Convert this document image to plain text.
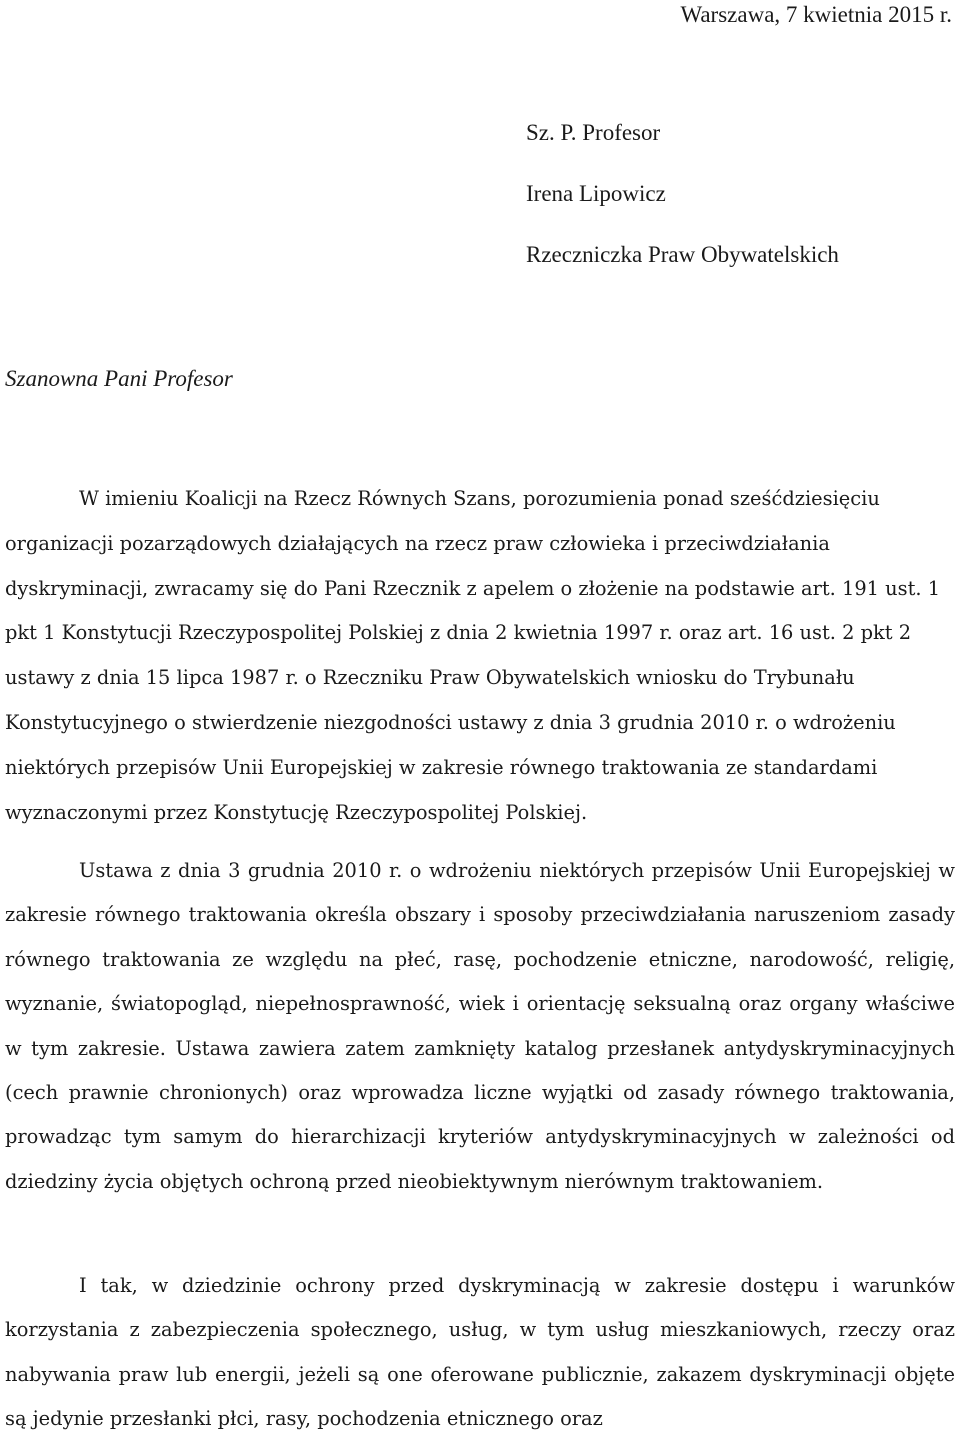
Warszawa, 7 kwietnia 2015 r.

Sz. P. Profesor
Irena Lipowicz
Rzeczniczka Praw Obywatelskich

Szanowna Pani Profesor

W imieniu Koalicji na Rzecz Równych Szans, porozumienia ponad sześćdziesięciu organizacji pozarządowych działających na rzecz praw człowieka i przeciwdziałania dyskryminacji, zwracamy się do Pani Rzecznik z apelem o złożenie na podstawie art. 191 ust. 1 pkt 1 Konstytucji Rzeczypospolitej Polskiej z dnia 2 kwietnia 1997 r. oraz art. 16 ust. 2 pkt 2 ustawy z dnia 15 lipca 1987 r. o Rzeczniku Praw Obywatelskich wniosku do Trybunału Konstytucyjnego o stwierdzenie niezgodności ustawy z dnia 3 grudnia 2010 r. o wdrożeniu niektórych przepisów Unii Europejskiej w zakresie równego traktowania ze standardami wyznaczonymi przez Konstytucję Rzeczypospolitej Polskiej.

Ustawa z dnia 3 grudnia 2010 r. o wdrożeniu niektórych przepisów Unii Europejskiej w zakresie równego traktowania określa obszary i sposoby przeciwdziałania naruszeniom zasady równego traktowania ze względu na płeć, rasę, pochodzenie etniczne, narodowość, religię, wyznanie, światopogląd, niepełnosprawność, wiek i orientację seksualną oraz organy właściwe w tym zakresie. Ustawa zawiera zatem zamknięty katalog przesłanek antydyskryminacyjnych (cech prawnie chronionych) oraz wprowadza liczne wyjątki od zasady równego traktowania, prowadząc tym samym do hierarchizacji kryteriów antydyskryminacyjnych w zależności od dziedziny życia objętych ochroną przed nieobiektywnym nierównym traktowaniem.

I tak, w dziedzinie ochrony przed dyskryminacją w zakresie dostępu i warunków korzystania z zabezpieczenia społecznego, usług, w tym usług mieszkaniowych, rzeczy oraz nabywania praw lub energii, jeżeli są one oferowane publicznie, zakazem dyskryminacji objęte są jedynie przesłanki płci, rasy, pochodzenia etnicznego oraz
